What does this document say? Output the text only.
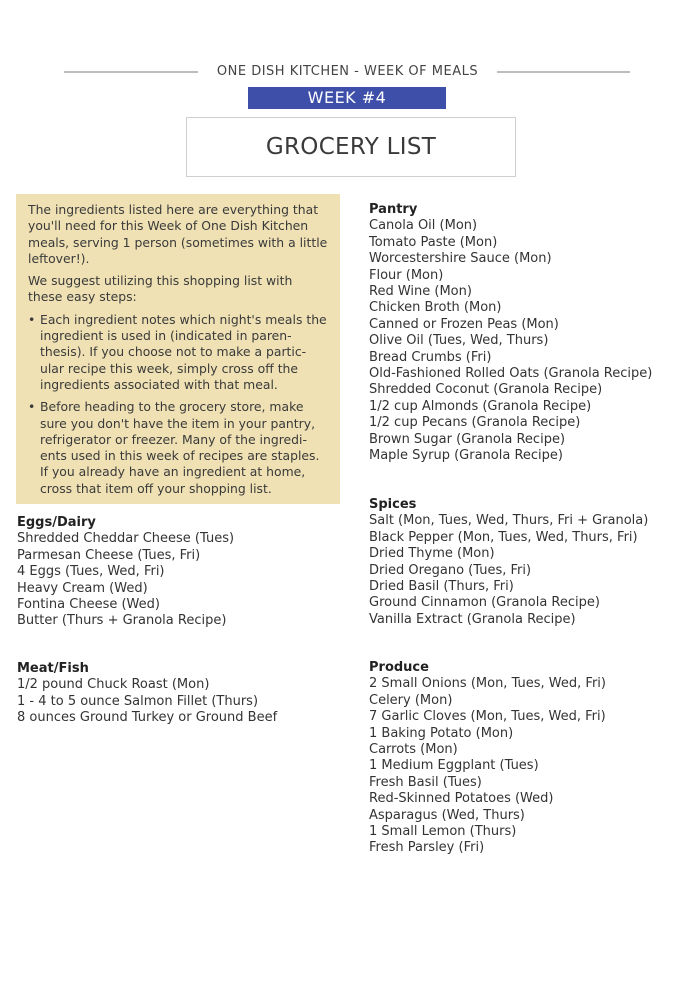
ONE DISH KITCHEN - WEEK OF MEALS
WEEK #4
GROCERY LIST

The ingredients listed here are everything that you'll need for this Week of One Dish Kitchen meals, serving 1 person (sometimes with a little leftover!).

We suggest utilizing this shopping list with these easy steps:

• Each ingredient notes which night's meals the ingredient is used in (indicated in paren-thesis). If you choose not to make a partic-ular recipe this week, simply cross off the ingredients associated with that meal.
• Before heading to the grocery store, make sure you don't have the item in your pantry, refrigerator or freezer. Many of the ingredi-ents used in this week of recipes are staples. If you already have an ingredient at home, cross that item off your shopping list.
Eggs/Dairy
Shredded Cheddar Cheese (Tues)
Parmesan Cheese (Tues, Fri)
4 Eggs (Tues, Wed, Fri)
Heavy Cream (Wed)
Fontina Cheese (Wed)
Butter (Thurs + Granola Recipe)
Meat/Fish
1/2 pound Chuck Roast (Mon)
1 - 4 to 5 ounce Salmon Fillet (Thurs)
8 ounces Ground Turkey or Ground Beef
Pantry
Canola Oil (Mon)
Tomato Paste (Mon)
Worcestershire Sauce (Mon)
Flour (Mon)
Red Wine (Mon)
Chicken Broth (Mon)
Canned or Frozen Peas (Mon)
Olive Oil (Tues, Wed, Thurs)
Bread Crumbs (Fri)
Old-Fashioned Rolled Oats (Granola Recipe)
Shredded Coconut (Granola Recipe)
1/2 cup Almonds (Granola Recipe)
1/2 cup Pecans (Granola Recipe)
Brown Sugar (Granola Recipe)
Maple Syrup (Granola Recipe)
Spices
Salt (Mon, Tues, Wed, Thurs, Fri + Granola)
Black Pepper (Mon, Tues, Wed, Thurs, Fri)
Dried Thyme (Mon)
Dried Oregano (Tues, Fri)
Dried Basil (Thurs, Fri)
Ground Cinnamon (Granola Recipe)
Vanilla Extract (Granola Recipe)
Produce
2 Small Onions (Mon, Tues, Wed, Fri)
Celery (Mon)
7 Garlic Cloves (Mon, Tues, Wed, Fri)
1 Baking Potato (Mon)
Carrots (Mon)
1 Medium Eggplant (Tues)
Fresh Basil (Tues)
Red-Skinned Potatoes (Wed)
Asparagus (Wed, Thurs)
1 Small Lemon (Thurs)
Fresh Parsley (Fri)
